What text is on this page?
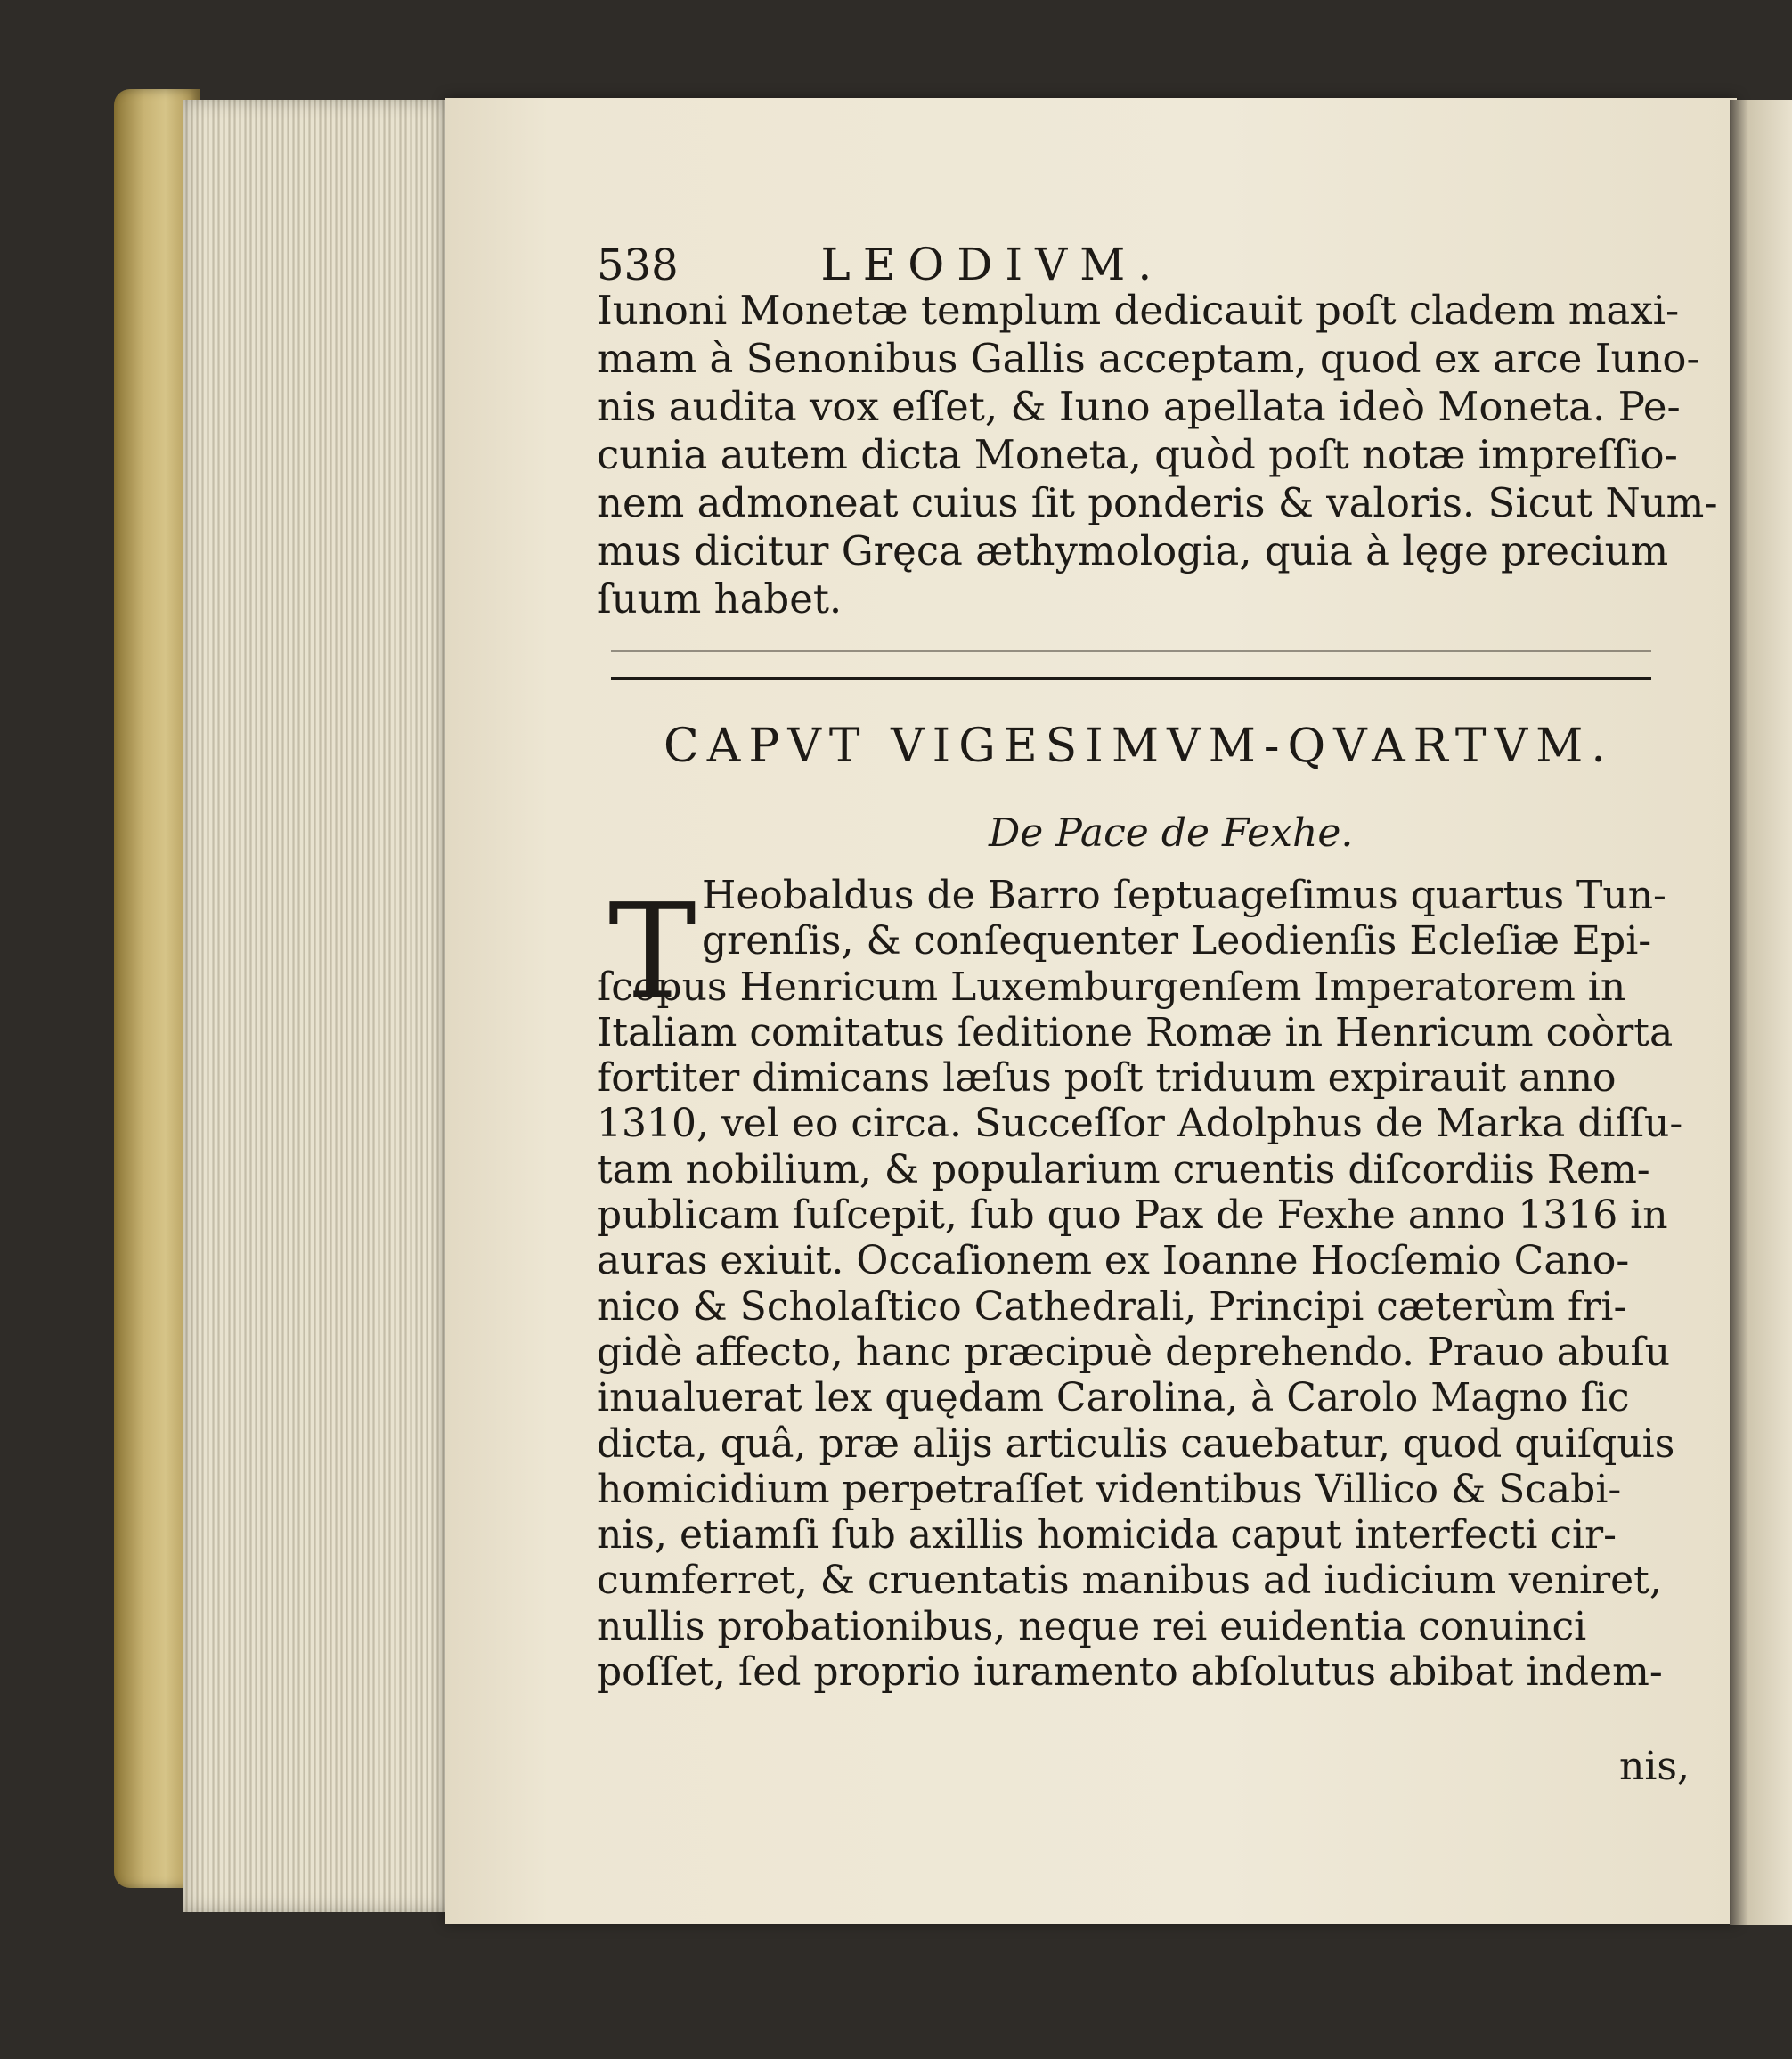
538	LEODIVM.
Iunoni Monetæ templum dedicauit poſt cladem maxi-
mam à Senonibus Gallis acceptam, quod ex arce Iuno-
nis audita vox eſſet, & Iuno apellata ideò Moneta. Pe-
cunia autem dicta Moneta, quòd poſt notæ impreſſio-
nem admoneat cuius ſit ponderis & valoris. Sicut Num-
mus dicitur Gręca æthymologia, quia à lęge precium
ſuum habet.
CAPVT VIGESIMVM-QVARTVM.
De Pace de Fexhe.
T Heobaldus de Barro ſeptuageſimus quartus Tun-
grenſis, & conſequenter Leodienſis Ecleſiæ Epi-
ſcopus Henricum Luxemburgenſem Imperatorem in
Italiam comitatus ſeditione Romæ in Henricum coòrta
fortiter dimicans læſus poſt triduum expirauit anno
1310, vel eo circa. Succeſſor Adolphus de Marka diſſu-
tam nobilium, & popularium cruentis diſcordiis Rem-
publicam ſuſcepit, ſub quo Pax de Fexhe anno 1316 in
auras exiuit. Occaſionem ex Ioanne Hocſemio Cano-
nico & Scholaſtico Cathedrali, Principi cæterùm fri-
gidè affecto, hanc præcipuè deprehendo. Prauo abuſu
inualuerat lex quędam Carolina, à Carolo Magno ſic
dicta, quâ, præ alijs articulis cauebatur, quod quiſquis
homicidium perpetraſſet videntibus Villico & Scabi-
nis, etiamſi ſub axillis homicida caput interfecti cir-
cumferret, & cruentatis manibus ad iudicium veniret,
nullis probationibus, neque rei euidentia conuinci
poſſet, ſed proprio iuramento abſolutus abibat indem-
nis,
